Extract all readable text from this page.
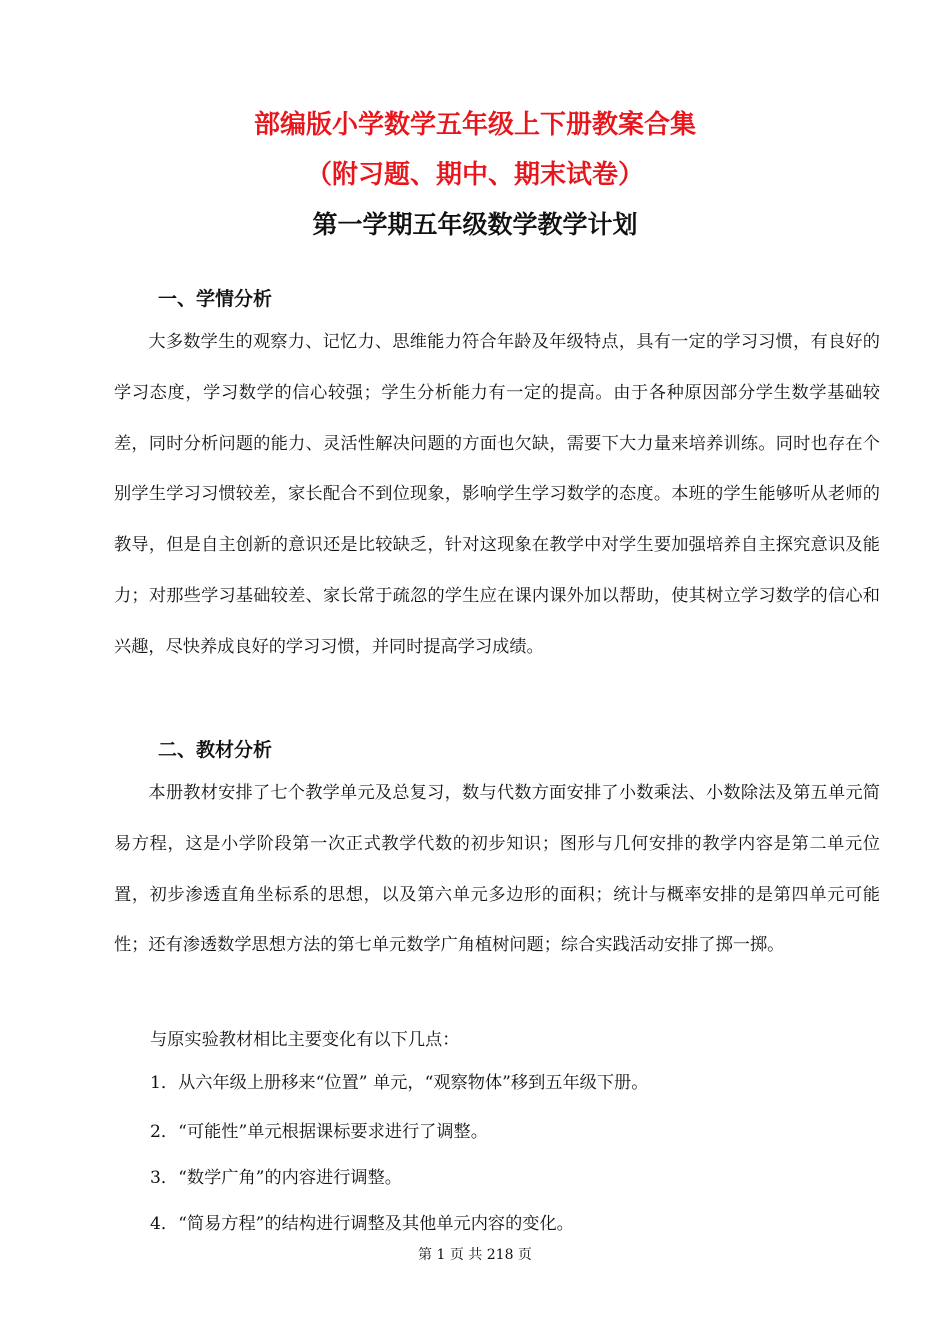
部编版小学数学五年级上下册教案合集
（附习题、期中、期末试卷）
第一学期五年级数学教学计划
一、学情分析

大多数学生的观察力、记忆力、思维能力符合年龄及年级特点，具有一定的学习习惯，有良好的学习态度，学习数学的信心较强；学生分析能力有一定的提高。由于各种原因部分学生数学基础较差，同时分析问题的能力、灵活性解决问题的方面也欠缺，需要下大力量来培养训练。同时也存在个别学生学习习惯较差，家长配合不到位现象，影响学生学习数学的态度。本班的学生能够听从老师的教导，但是自主创新的意识还是比较缺乏，针对这现象在教学中对学生要加强培养自主探究意识及能力；对那些学习基础较差、家长常于疏忽的学生应在课内课外加以帮助，使其树立学习数学的信心和兴趣，尽快养成良好的学习习惯，并同时提高学习成绩。

二、教材分析

本册教材安排了七个教学单元及总复习，数与代数方面安排了小数乘法、小数除法及第五单元简易方程，这是小学阶段第一次正式教学代数的初步知识；图形与几何安排的教学内容是第二单元位置，初步渗透直角坐标系的思想，以及第六单元多边形的面积；统计与概率安排的是第四单元可能性；还有渗透数学思想方法的第七单元数学广角植树问题；综合实践活动安排了掷一掷。

与原实验教材相比主要变化有以下几点：
1．从六年级上册移来“位置” 单元，“观察物体”移到五年级下册。
2．“可能性”单元根据课标要求进行了调整。
3．“数学广角”的内容进行调整。
4．“简易方程”的结构进行调整及其他单元内容的变化。
第 1 页 共 218 页
